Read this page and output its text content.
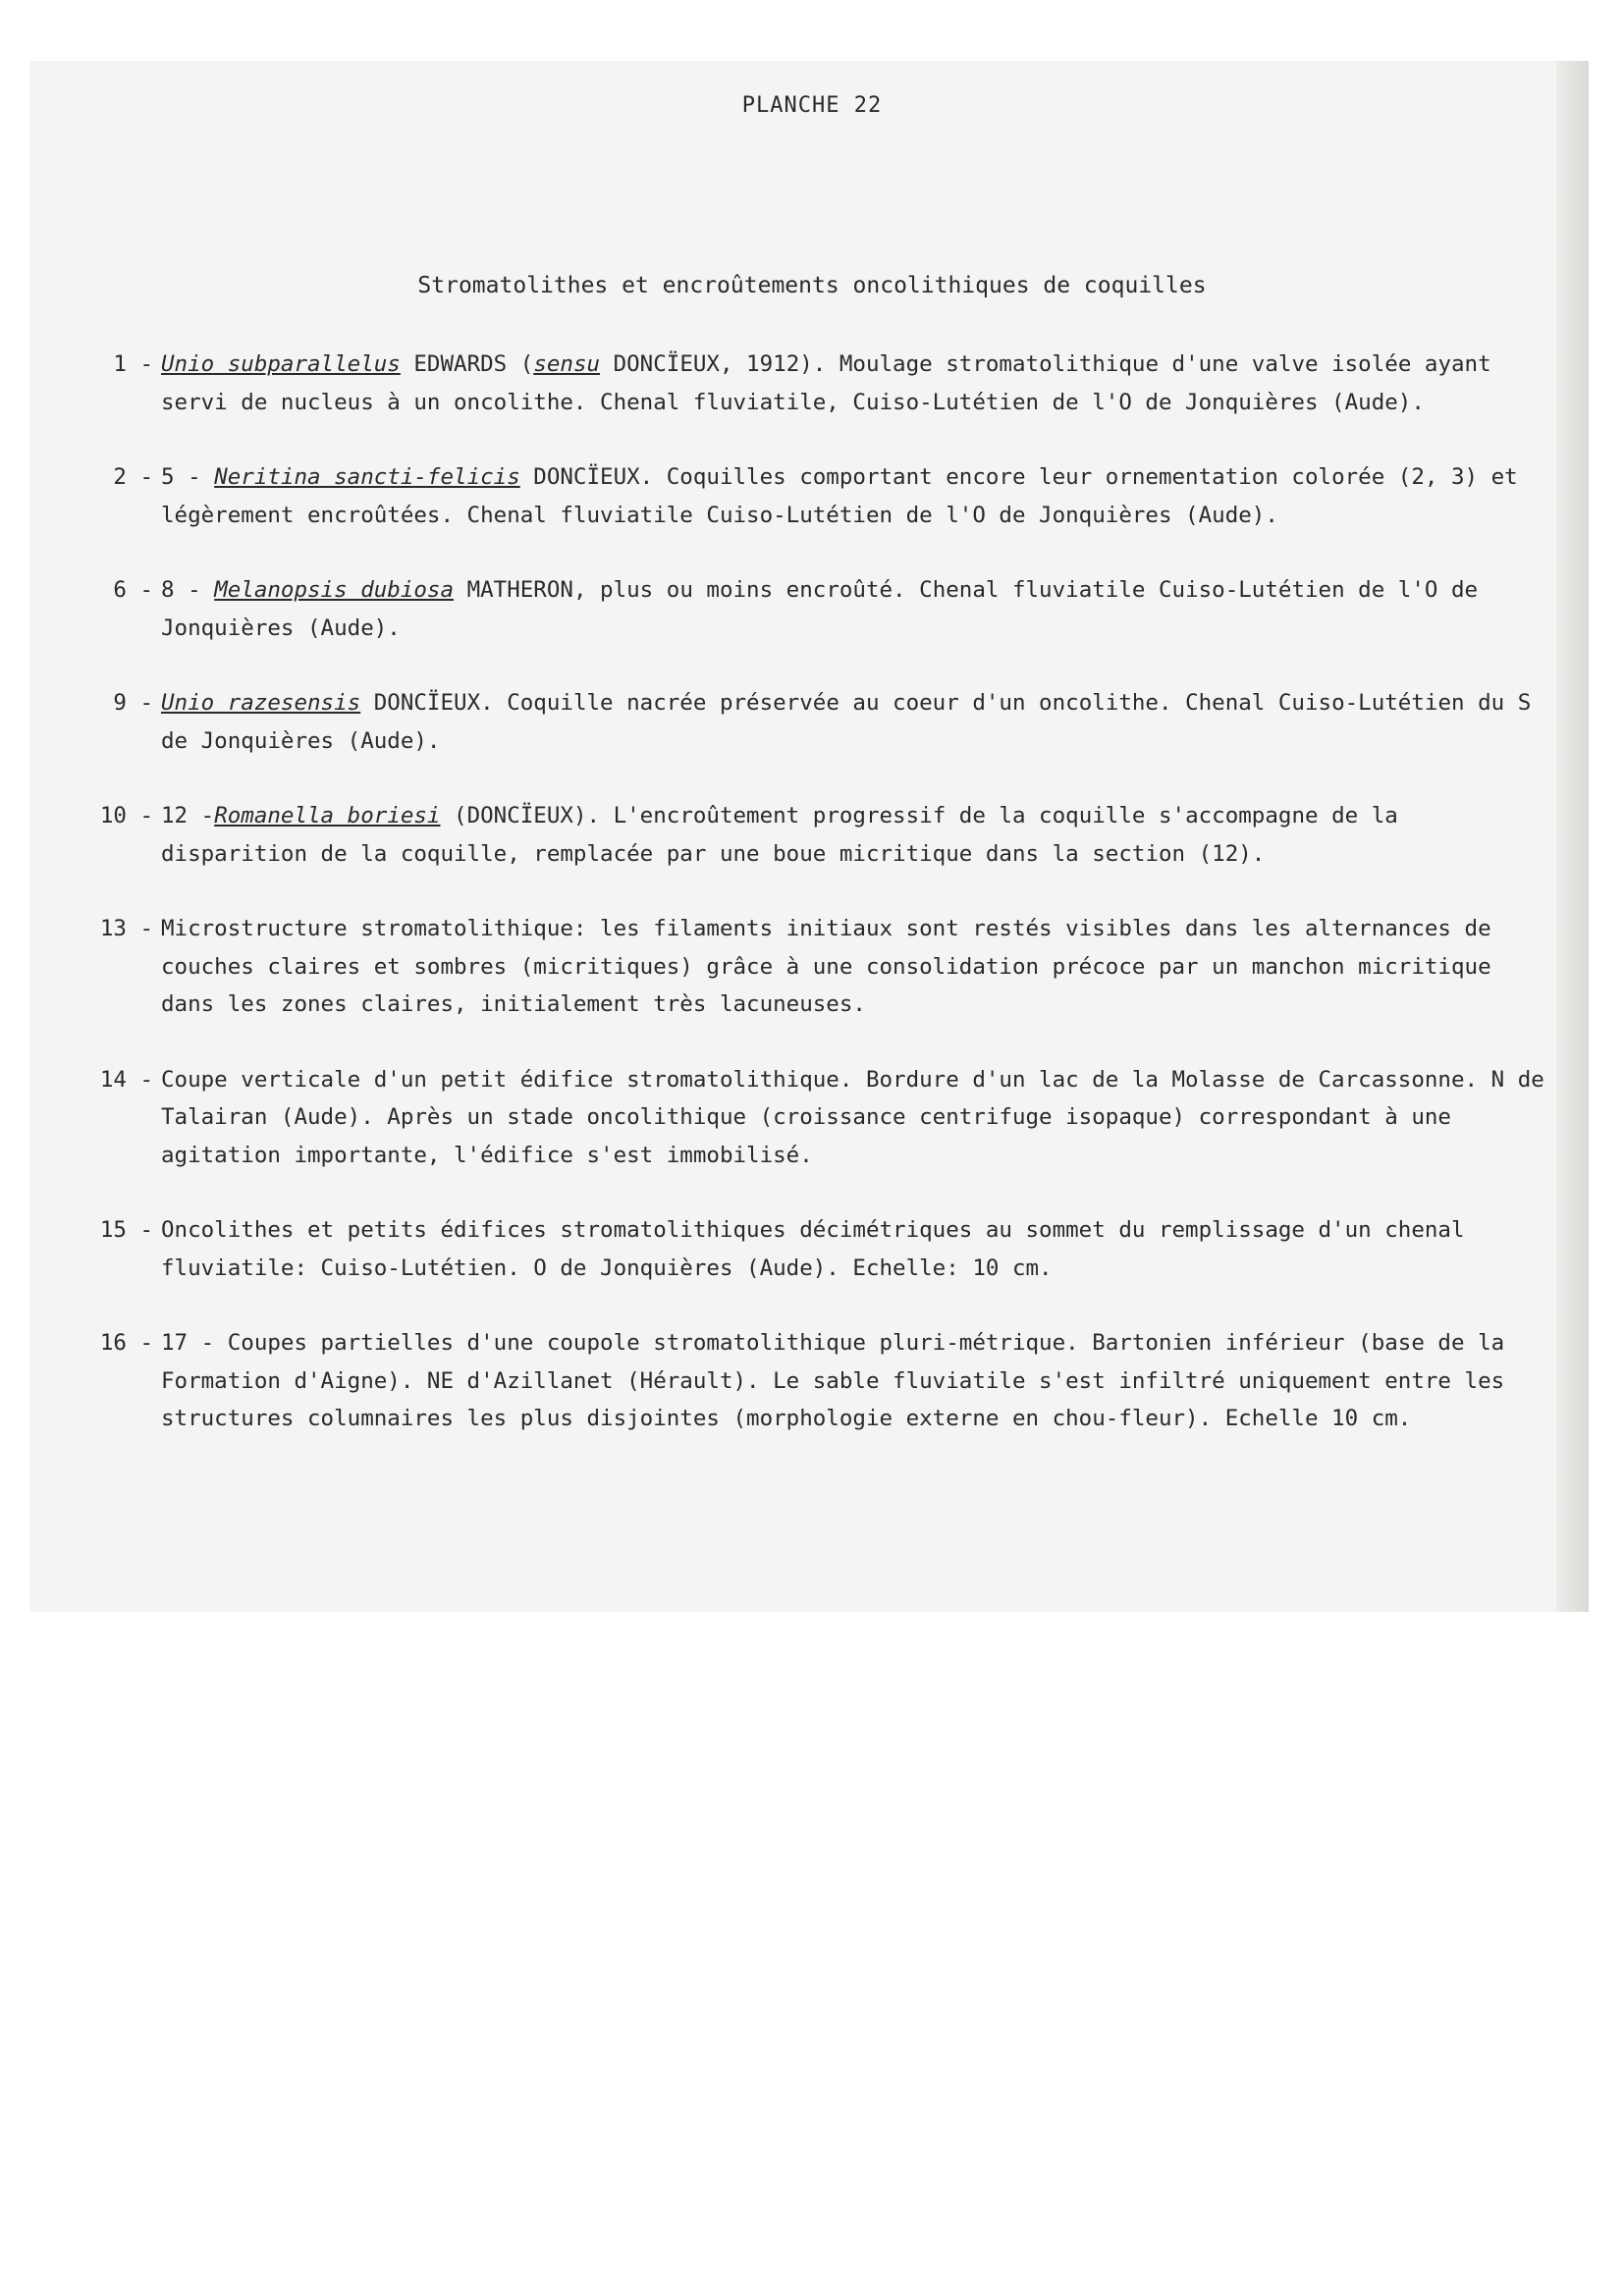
PLANCHE 22
Stromatolithes et encroûtements oncolithiques de coquilles
1 - Unio subparallelus EDWARDS (sensu DONCÏEUX, 1912). Moulage stromatolithique d'une valve isolée ayant servi de nucleus à un oncolithe. Chenal fluviatile, Cuiso-Lutétien de l'O de Jonquières (Aude).
2 - 5 - Neritina sancti-felicis DONCÏEUX. Coquilles comportant encore leur ornementation colorée (2, 3) et légèrement encroûtées. Chenal fluviatile Cuiso-Lutétien de l'O de Jonquières (Aude).
6 - 8 - Melanopsis dubiosa MATHERON, plus ou moins encroûté. Chenal fluviatile Cuiso-Lutétien de l'O de Jonquières (Aude).
9 - Unio razesensis DONCÏEUX. Coquille nacrée préservée au coeur d'un oncolithe. Chenal Cuiso-Lutétien du S de Jonquières (Aude).
10 - 12 -Romanella boriesi (DONCÏEUX). L'encroûtement progressif de la coquille s'accompagne de la disparition de la coquille, remplacée par une boue micritique dans la section (12).
13 - Microstructure stromatolithique: les filaments initiaux sont restés visibles dans les alternances de couches claires et sombres (micritiques) grâce à une consolidation précoce par un manchon micritique dans les zones claires, initialement très lacuneuses.
14 - Coupe verticale d'un petit édifice stromatolithique. Bordure d'un lac de la Molasse de Carcassonne. N de Talairan (Aude). Après un stade oncolithique (croissance centrifuge isopaque) correspondant à une agitation importante, l'édifice s'est immobilisé.
15 - Oncolithes et petits édifices stromatolithiques décimétriques au sommet du remplissage d'un chenal fluviatile: Cuiso-Lutétien. O de Jonquières (Aude). Echelle: 10 cm.
16 - 17 - Coupes partielles d'une coupole stromatolithique pluri-métrique. Bartonien inférieur (base de la Formation d'Aigne). NE d'Azillanet (Hérault). Le sable fluviatile s'est infiltré uniquement entre les structures columnaires les plus disjointes (morphologie externe en chou-fleur). Echelle 10 cm.
